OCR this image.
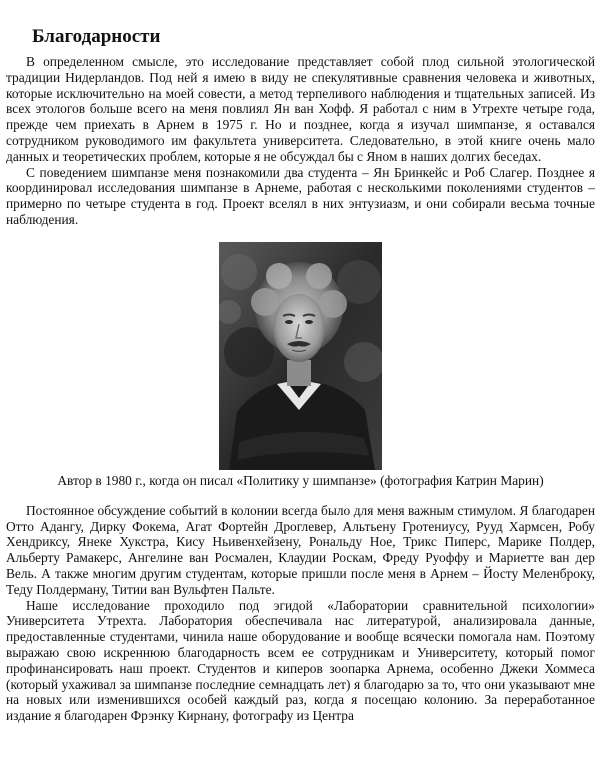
Благодарности

В определенном смысле, это исследование представляет собой плод сильной этологической традиции Нидерландов. Под ней я имею в виду не спекулятивные сравнения человека и животных, которые исключительно на моей совести, а метод терпеливого наблюдения и тщательных записей. Из всех этологов больше всего на меня повлиял Ян ван Хофф. Я работал с ним в Утрехте четыре года, прежде чем приехать в Арнем в 1975 г. Но и позднее, когда я изучал шимпанзе, я оставался сотрудником руководимого им факультета университета. Следовательно, в этой книге очень мало данных и теоретических проблем, которые я не обсуждал бы с Яном в наших долгих беседах.

С поведением шимпанзе меня познакомили два студента – Ян Бринкейс и Роб Слагер. Позднее я координировал исследования шимпанзе в Арнеме, работая с несколькими поколениями студентов – примерно по четыре студента в год. Проект вселял в них энтузиазм, и они собирали весьма точные наблюдения.

Автор в 1980 г., когда он писал «Политику у шимпанзе» (фотография Катрин Марин)

Постоянное обсуждение событий в колонии всегда было для меня важным стимулом. Я благодарен Отто Адангу, Дирку Фокема, Агат Фортейн Дроглевер, Альтьену Гротениусу, Рууд Хармсен, Робу Хендриксу, Янеке Хукстра, Кису Ньивенхейзену, Рональду Ное, Трикс Пиперс, Марике Полдер, Альберту Рамакерс, Ангелине ван Росмален, Клаудии Роскам, Фреду Руоффу и Мариетте ван дер Вель. А также многим другим студентам, которые пришли после меня в Арнем – Йосту Меленброку, Теду Полдерману, Титии ван Вульфтен Пальте.

Наше исследование проходило под эгидой «Лаборатории сравнительной психологии» Университета Утрехта. Лаборатория обеспечивала нас литературой, анализировала данные, предоставленные студентами, чинила наше оборудование и вообще всячески помогала нам. Поэтому выражаю свою искреннюю благодарность всем ее сотрудникам и Университету, который помог профинансировать наш проект. Студентов и киперов зоопарка Арнема, особенно Джеки Хоммеса (который ухаживал за шимпанзе последние семнадцать лет) я благодарю за то, что они указывают мне на новых или изменившихся особей каждый раз, когда я посещаю колонию. За переработанное издание я благодарен Фрэнку Кирнану, фотографу из Центра
